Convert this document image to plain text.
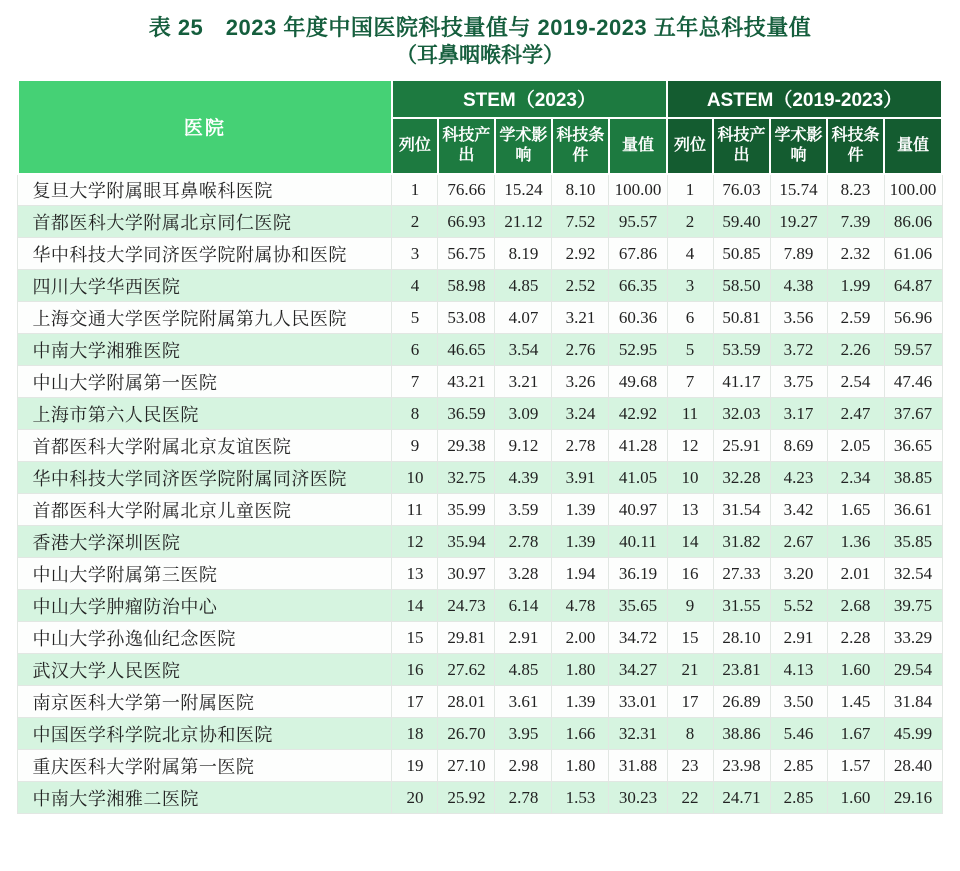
表 25　2023 年度中国医院科技量值与 2019-2023 五年总科技量值
（耳鼻咽喉科学）
医院	STEM（2023）					ASTEM（2019-2023）				
	列位	科技产出	学术影响	科技条件	量值	列位	科技产出	学术影响	科技条件	量值
复旦大学附属眼耳鼻喉科医院	1	76.66	15.24	8.10	100.00	1	76.03	15.74	8.23	100.00
首都医科大学附属北京同仁医院	2	66.93	21.12	7.52	95.57	2	59.40	19.27	7.39	86.06
华中科技大学同济医学院附属协和医院	3	56.75	8.19	2.92	67.86	4	50.85	7.89	2.32	61.06
四川大学华西医院	4	58.98	4.85	2.52	66.35	3	58.50	4.38	1.99	64.87
上海交通大学医学院附属第九人民医院	5	53.08	4.07	3.21	60.36	6	50.81	3.56	2.59	56.96
中南大学湘雅医院	6	46.65	3.54	2.76	52.95	5	53.59	3.72	2.26	59.57
中山大学附属第一医院	7	43.21	3.21	3.26	49.68	7	41.17	3.75	2.54	47.46
上海市第六人民医院	8	36.59	3.09	3.24	42.92	11	32.03	3.17	2.47	37.67
首都医科大学附属北京友谊医院	9	29.38	9.12	2.78	41.28	12	25.91	8.69	2.05	36.65
华中科技大学同济医学院附属同济医院	10	32.75	4.39	3.91	41.05	10	32.28	4.23	2.34	38.85
首都医科大学附属北京儿童医院	11	35.99	3.59	1.39	40.97	13	31.54	3.42	1.65	36.61
香港大学深圳医院	12	35.94	2.78	1.39	40.11	14	31.82	2.67	1.36	35.85
中山大学附属第三医院	13	30.97	3.28	1.94	36.19	16	27.33	3.20	2.01	32.54
中山大学肿瘤防治中心	14	24.73	6.14	4.78	35.65	9	31.55	5.52	2.68	39.75
中山大学孙逸仙纪念医院	15	29.81	2.91	2.00	34.72	15	28.10	2.91	2.28	33.29
武汉大学人民医院	16	27.62	4.85	1.80	34.27	21	23.81	4.13	1.60	29.54
南京医科大学第一附属医院	17	28.01	3.61	1.39	33.01	17	26.89	3.50	1.45	31.84
中国医学科学院北京协和医院	18	26.70	3.95	1.66	32.31	8	38.86	5.46	1.67	45.99
重庆医科大学附属第一医院	19	27.10	2.98	1.80	31.88	23	23.98	2.85	1.57	28.40
中南大学湘雅二医院	20	25.92	2.78	1.53	30.23	22	24.71	2.85	1.60	29.16
